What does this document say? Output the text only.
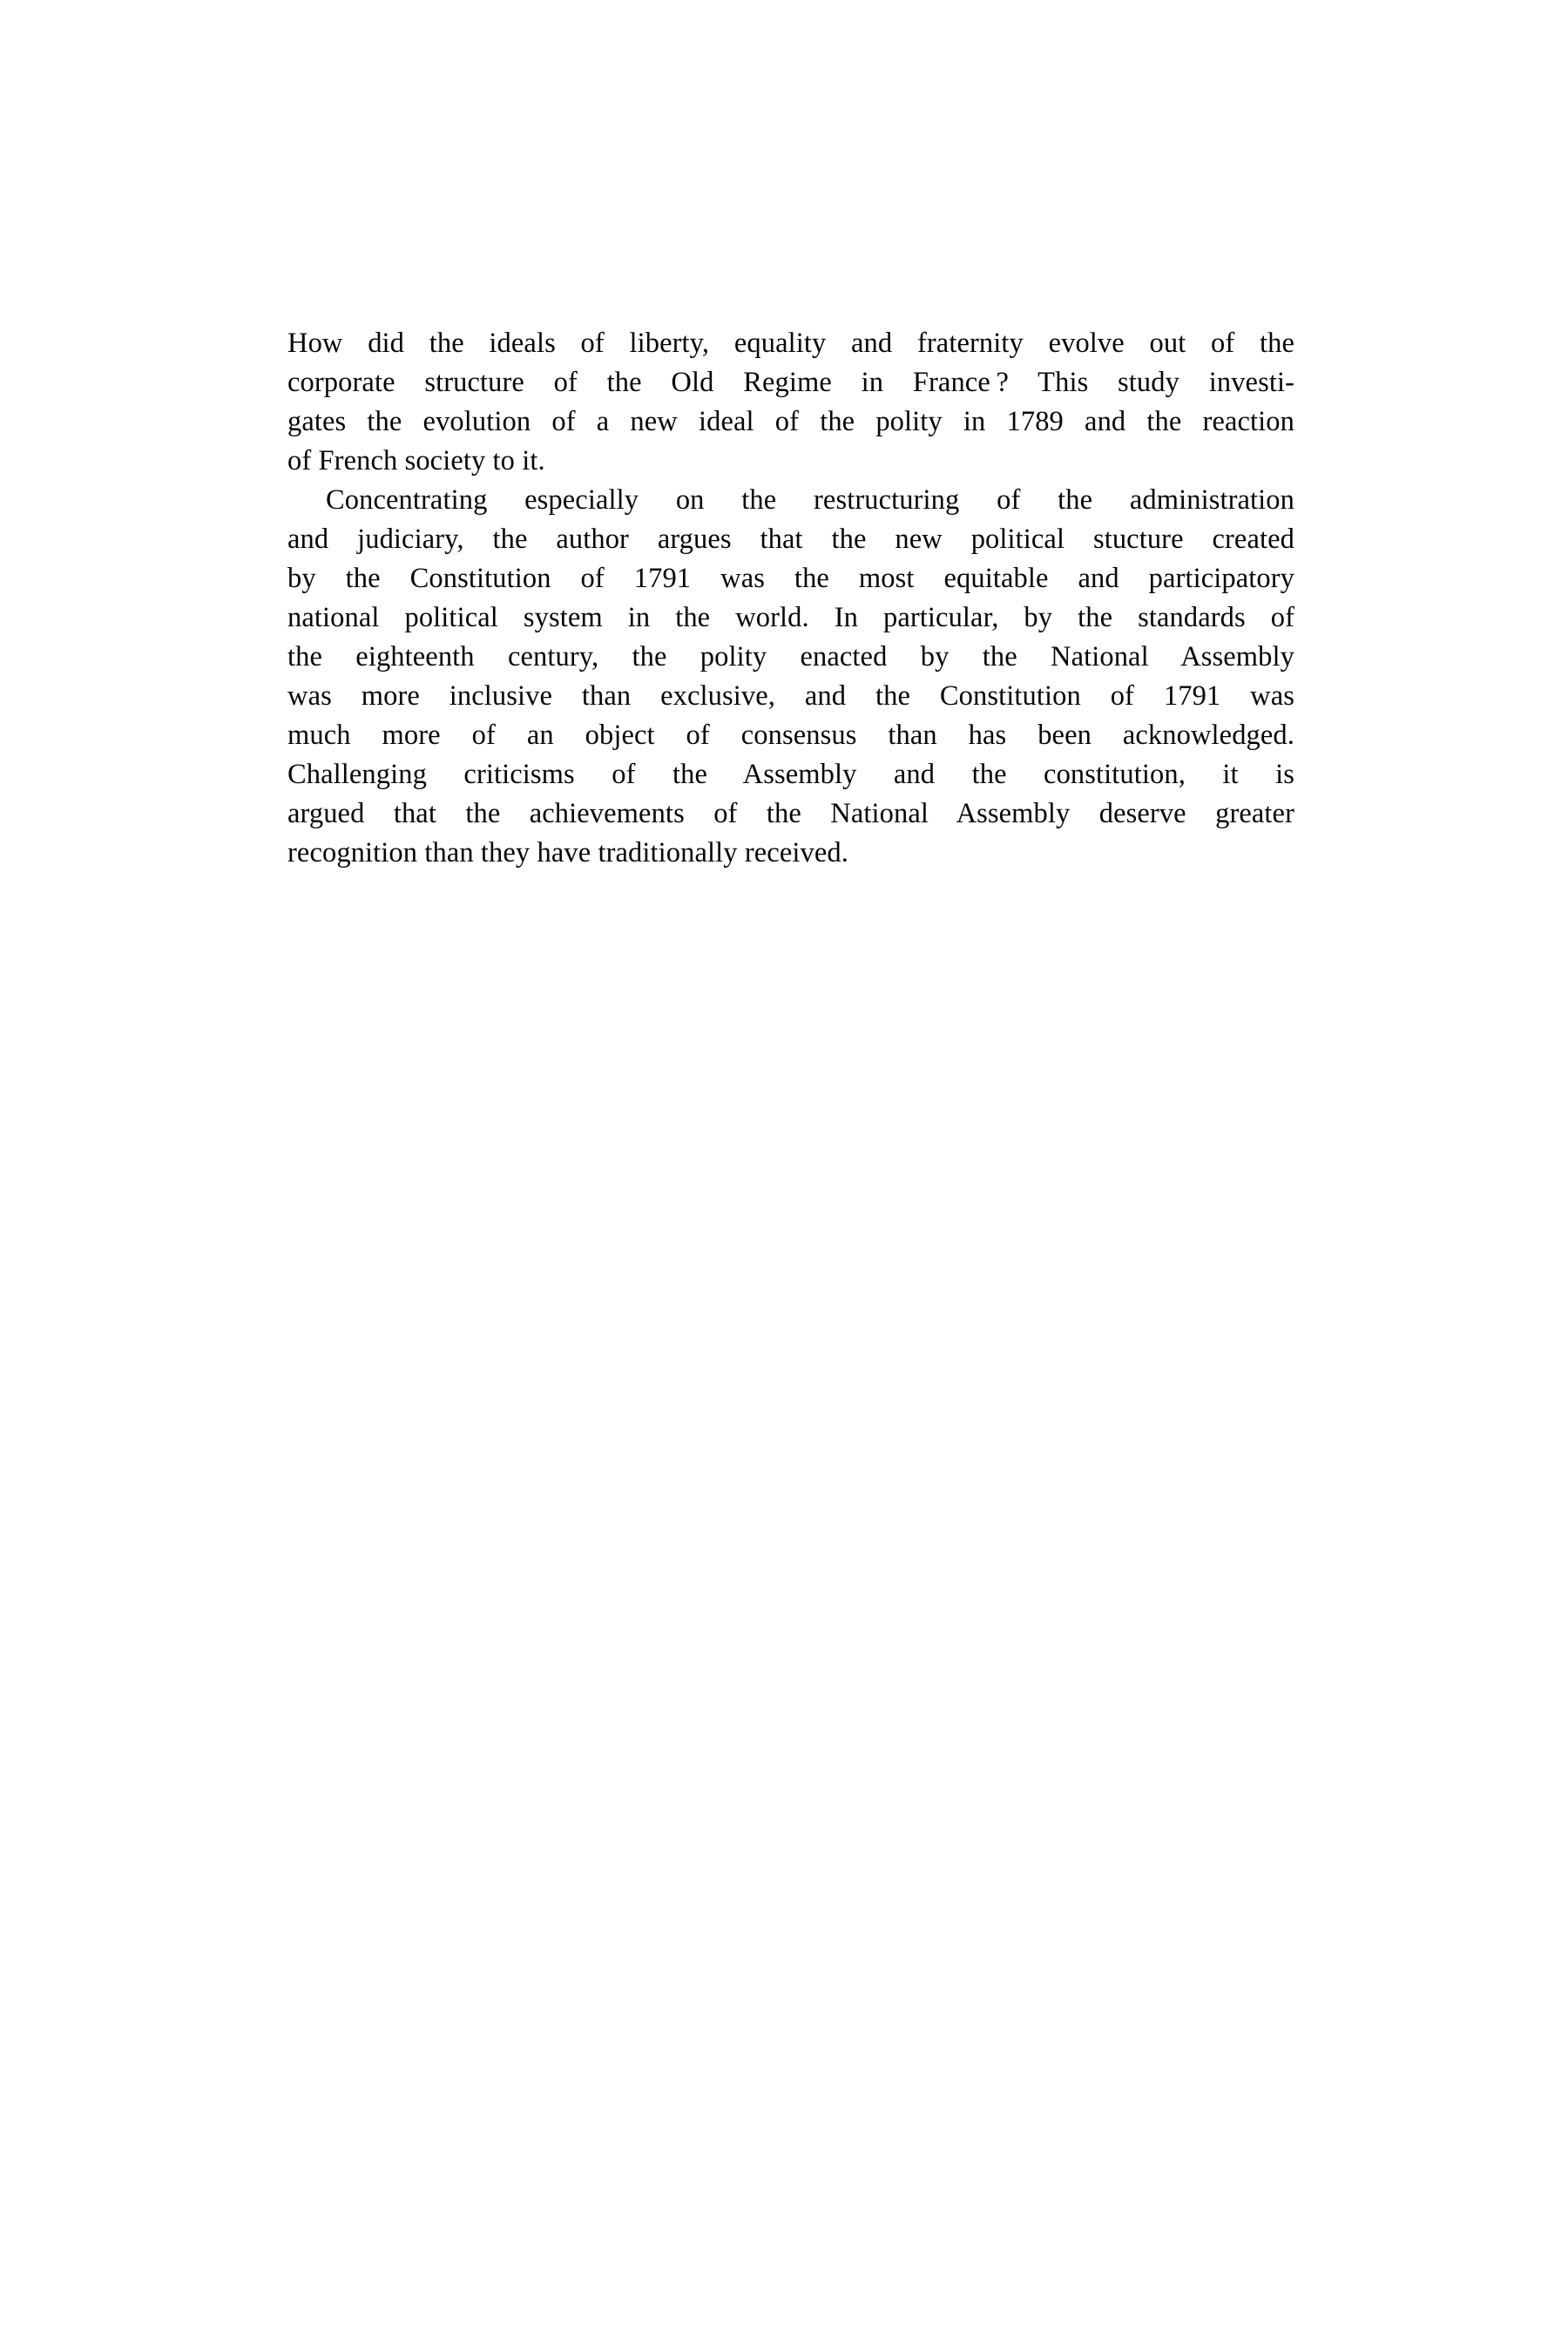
How did the ideals of liberty, equality and fraternity evolve out of the
corporate structure of the Old Regime in France ? This study investi-
gates the evolution of a new ideal of the polity in 1789 and the reaction
of French society to it.
Concentrating especially on the restructuring of the administration
and judiciary, the author argues that the new political stucture created
by the Constitution of 1791 was the most equitable and participatory
national political system in the world. In particular, by the standards of
the eighteenth century, the polity enacted by the National Assembly
was more inclusive than exclusive, and the Constitution of 1791 was
much more of an object of consensus than has been acknowledged.
Challenging criticisms of the Assembly and the constitution, it is
argued that the achievements of the National Assembly deserve greater
recognition than they have traditionally received.
